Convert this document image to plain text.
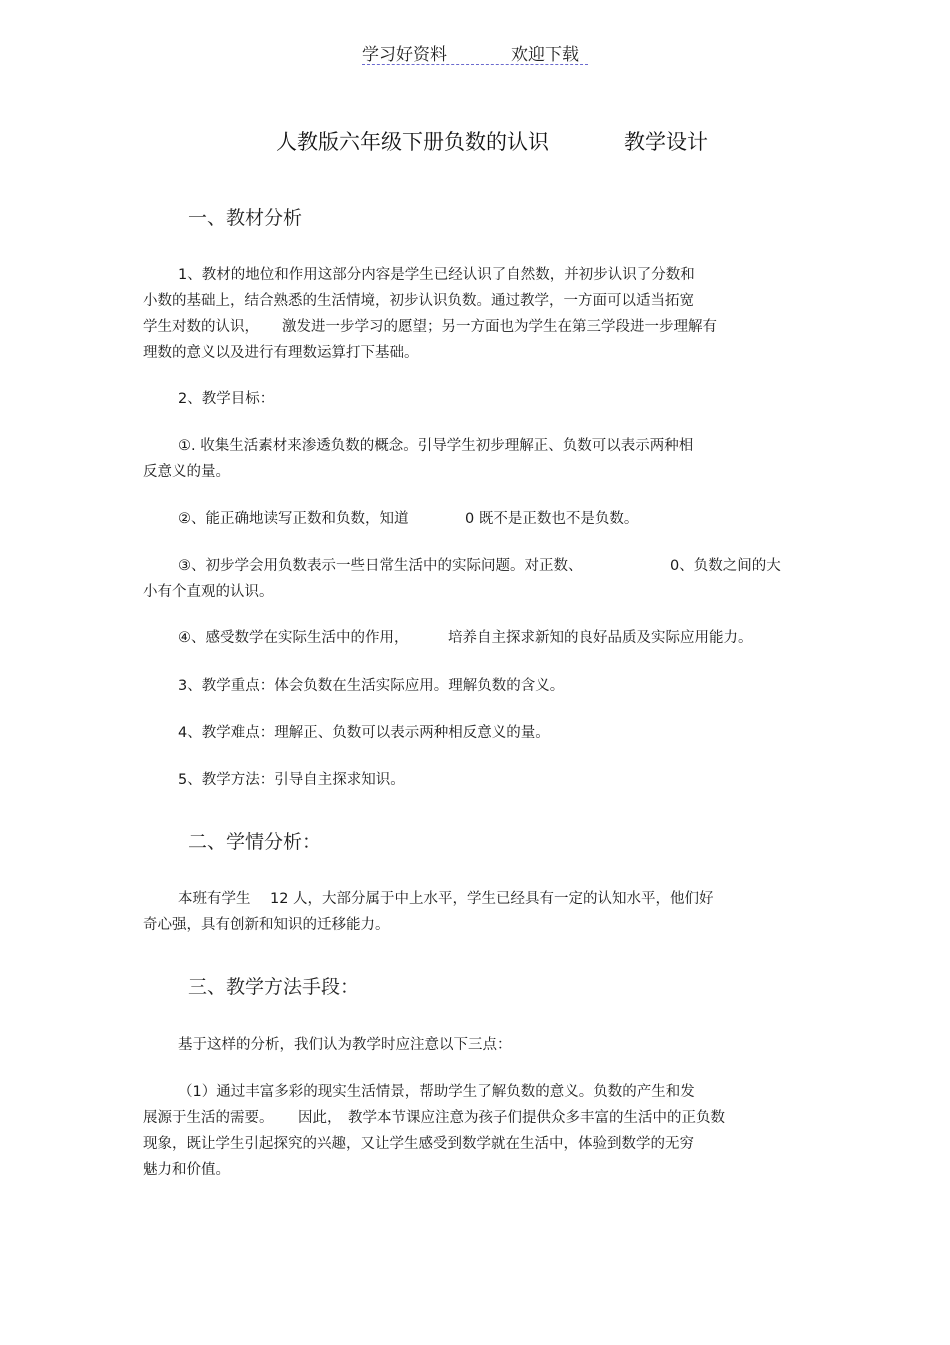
学习好资料	欢迎下载
人教版六年级下册负数的认识	教学设计
一、教材分析
1、教材的地位和作用这部分内容是学生已经认识了自然数，并初步认识了分数和
小数的基础上，结合熟悉的生活情境，初步认识负数。通过教学，一方面可以适当拓宽
学生对数的认识， 激发进一步学习的愿望；另一方面也为学生在第三学段进一步理解有
理数的意义以及进行有理数运算打下基础。
2、教学目标：
①. 收集生活素材来渗透负数的概念。引导学生初步理解正、负数可以表示两种相
反意义的量。
②、能正确地读写正数和负数，知道	0 既不是正数也不是负数。
③、初步学会用负数表示一些日常生活中的实际问题。对正数、	0、负数之间的大
小有个直观的认识。
④、感受数学在实际生活中的作用，	培养自主探求新知的良好品质及实际应用能力。
3、教学重点：体会负数在生活实际应用。理解负数的含义。
4、教学难点：理解正、负数可以表示两种相反意义的量。
5、教学方法：引导自主探求知识。
二、学情分析：
本班有学生 12 人，大部分属于中上水平，学生已经具有一定的认知水平，他们好
奇心强，具有创新和知识的迁移能力。
三、教学方法手段：
基于这样的分析，我们认为教学时应注意以下三点：
（1）通过丰富多彩的现实生活情景，帮助学生了解负数的意义。负数的产生和发
展源于生活的需要。 因此， 教学本节课应注意为孩子们提供众多丰富的生活中的正负数
现象，既让学生引起探究的兴趣，又让学生感受到数学就在生活中，体验到数学的无穷
魅力和价值。
